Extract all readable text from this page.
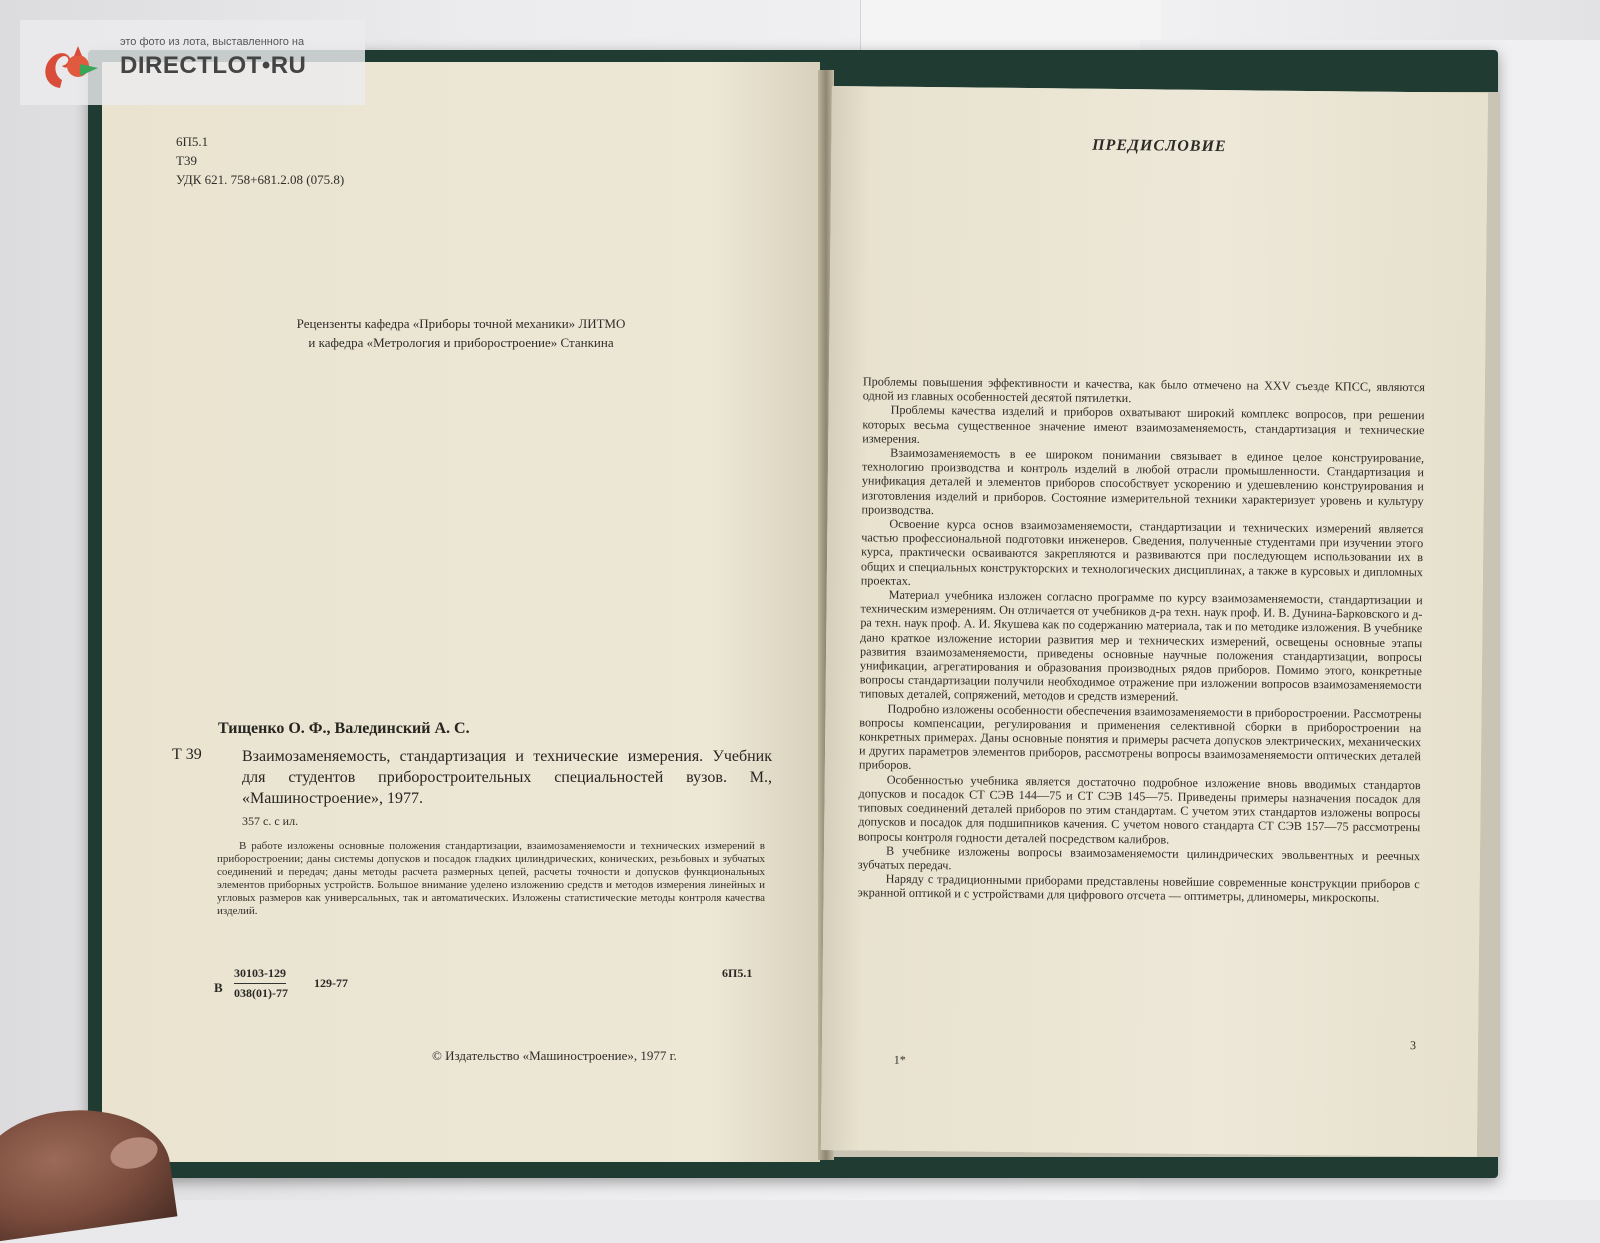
6П5.1
Т39
УДК 621. 758+681.2.08 (075.8)
Рецензенты кафедра «Приборы точной механики» ЛИТМО
и кафедра «Метрология и приборостроение» Станкина
Тищенко О. Ф., Валединский А. С.
Т 39	Взаимозаменяемость, стандартизация и технические измерения. Учебник для студентов приборостроительных специальностей вузов. М., «Машиностроение», 1977.
357 с. с ил.
В работе изложены основные положения стандартизации, взаимозаменяемости и технических измерений в приборостроении; даны системы допусков и посадок гладких цилиндрических, конических, резьбовых и зубчатых соединений и передач; даны методы расчета размерных цепей, расчеты точности и допусков функциональных элементов приборных устройств. Большое внимание уделено изложению средств и методов измерения линейных и угловых размеров как универсальных, так и автоматических. Изложены статистические методы контроля качества изделий.
В
30103-129
038(01)-77
129-77
6П5.1
© Издательство «Машиностроение», 1977 г.
ПРЕДИСЛОВИЕ

Проблемы повышения эффективности и качества, как было отмечено на XXV съезде КПСС, являются одной из главных особенностей десятой пятилетки.

Проблемы качества изделий и приборов охватывают широкий комплекс вопросов, при решении которых весьма существенное значение имеют взаимозаменяемость, стандартизация и технические измерения.

Взаимозаменяемость в ее широком понимании связывает в единое целое конструирование, технологию производства и контроль изделий в любой отрасли промышленности. Стандартизация и унификация деталей и элементов приборов способствует ускорению и удешевлению конструирования и изготовления изделий и приборов. Состояние измерительной техники характеризует уровень и культуру производства.

Освоение курса основ взаимозаменяемости, стандартизации и технических измерений является частью профессиональной подготовки инженеров. Сведения, полученные студентами при изучении этого курса, практически осваиваются закрепляются и развиваются при последующем использовании их в общих и специальных конструкторских и технологических дисциплинах, а также в курсовых и дипломных проектах.

Материал учебника изложен согласно программе по курсу взаимозаменяемости, стандартизации и техническим измерениям. Он отличается от учебников д-ра техн. наук проф. И. В. Дунина-Барковского и д-ра техн. наук проф. А. И. Якушева как по содержанию материала, так и по методике изложения. В учебнике дано краткое изложение истории развития мер и технических измерений, освещены основные этапы развития взаимозаменяемости, приведены основные научные положения стандартизации, вопросы унификации, агрегатирования и образования производных рядов приборов. Помимо этого, конкретные вопросы стандартизации получили необходимое отражение при изложении вопросов взаимозаменяемости типовых деталей, сопряжений, методов и средств измерений.

Подробно изложены особенности обеспечения взаимозаменяемости в приборостроении. Рассмотрены вопросы компенсации, регулирования и применения селективной сборки в приборостроении на конкретных примерах. Даны основные понятия и примеры расчета допусков электрических, механических и других параметров элементов приборов, рассмотрены вопросы взаимозаменяемости оптических деталей приборов.

Особенностью учебника является достаточно подробное изложение вновь вводимых стандартов допусков и посадок СТ СЭВ 144—75 и СТ СЭВ 145—75. Приведены примеры назначения посадок для типовых соединений деталей приборов по этим стандартам. С учетом этих стандартов изложены вопросы допусков и посадок для подшипников качения. С учетом нового стандарта СТ СЭВ 157—75 рассмотрены вопросы контроля годности деталей посредством калибров.

В учебнике изложены вопросы взаимозаменяемости цилиндрических эвольвентных и реечных зубчатых передач.

Наряду с традиционными приборами представлены новейшие современные конструкции приборов с экранной оптикой и с устройствами для цифрового отсчета — оптиметры, длиномеры, микроскопы.

1*
3
это фото из лота, выставленного на
DIRECTLOT•RU
